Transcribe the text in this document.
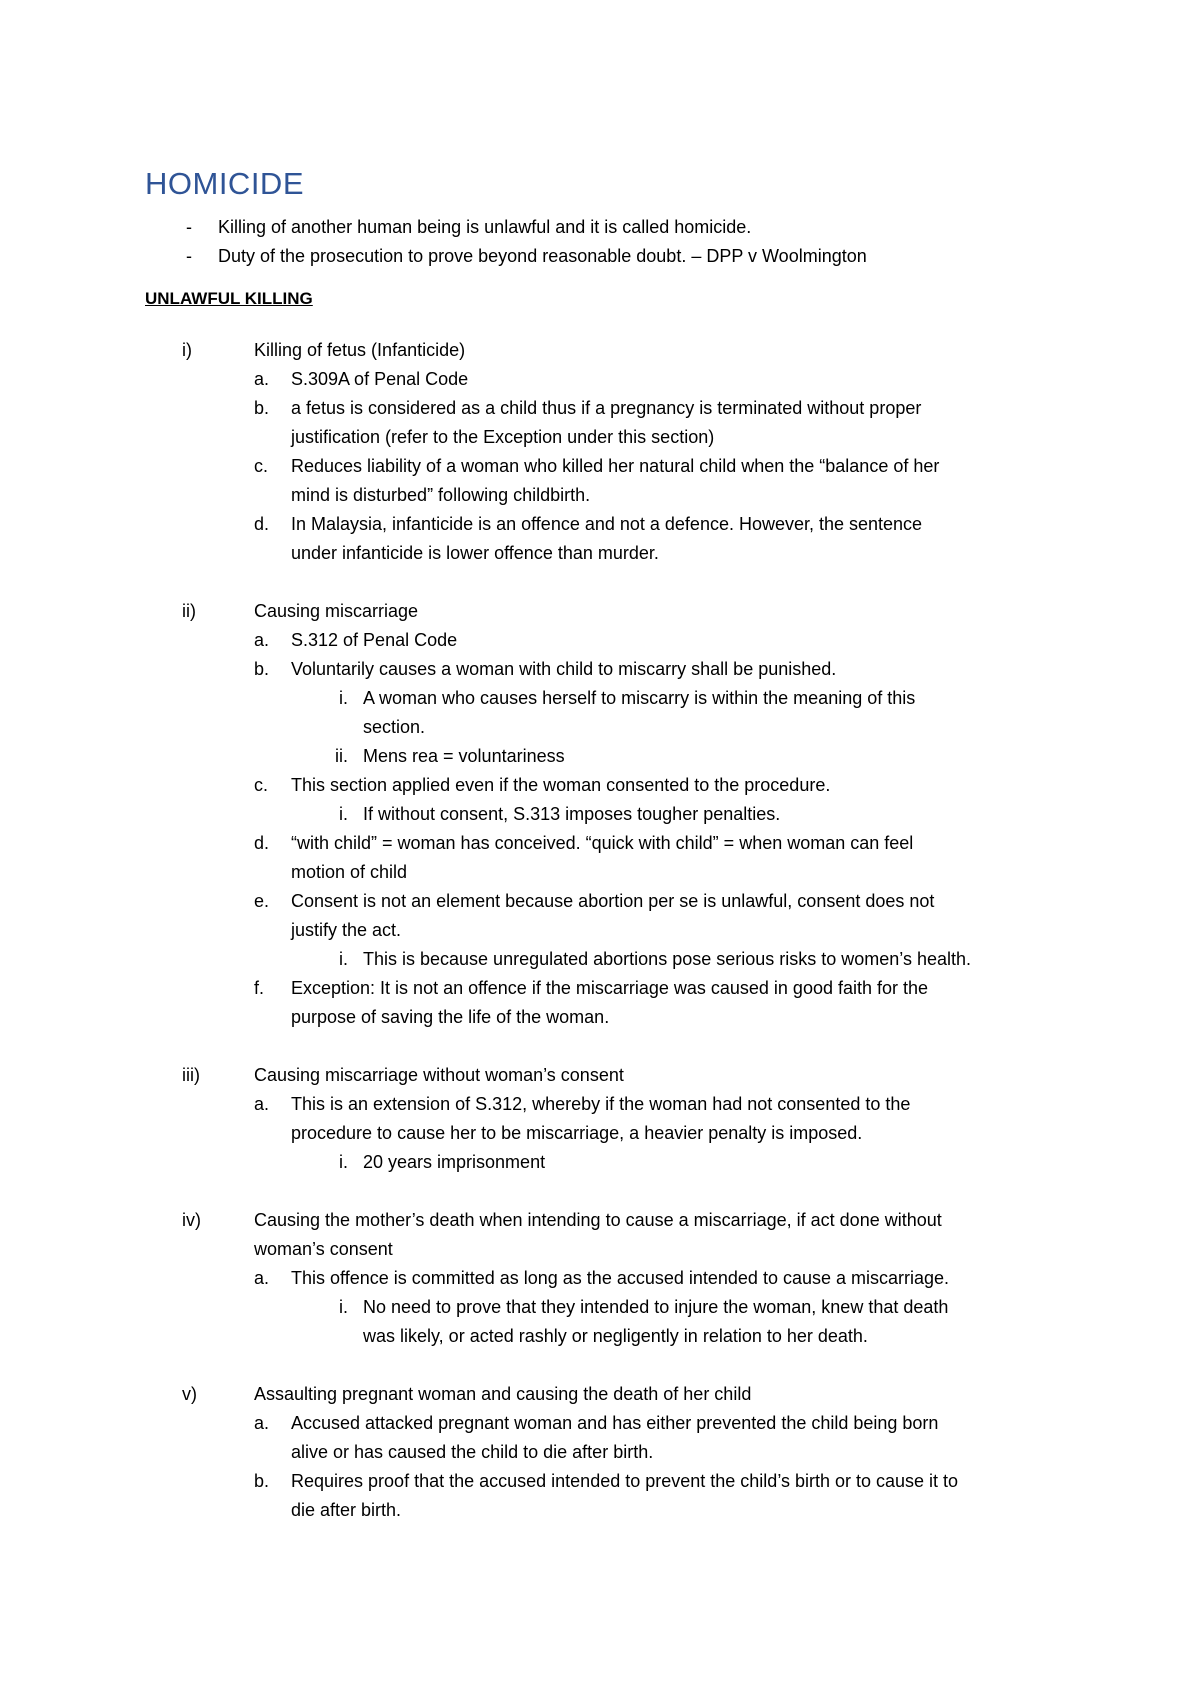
HOMICIDE
- Killing of another human being is unlawful and it is called homicide.
- Duty of the prosecution to prove beyond reasonable doubt. – DPP v Woolmington
UNLAWFUL KILLING
i)	Killing of fetus (Infanticide)
a. S.309A of Penal Code
b. a fetus is considered as a child thus if a pregnancy is terminated without proper
justification (refer to the Exception under this section)
c. Reduces liability of a woman who killed her natural child when the “balance of her
mind is disturbed” following childbirth.
d. In Malaysia, infanticide is an offence and not a defence. However, the sentence
under infanticide is lower offence than murder.
ii)	Causing miscarriage
a. S.312 of Penal Code
b. Voluntarily causes a woman with child to miscarry shall be punished.
i. A woman who causes herself to miscarry is within the meaning of this
section.
ii. Mens rea = voluntariness
c. This section applied even if the woman consented to the procedure.
i. If without consent, S.313 imposes tougher penalties.
d. “with child” = woman has conceived. “quick with child” = when woman can feel
motion of child
e. Consent is not an element because abortion per se is unlawful, consent does not
justify the act.
i. This is because unregulated abortions pose serious risks to women’s health.
f.	Exception: It is not an offence if the miscarriage was caused in good faith for the
purpose of saving the life of the woman.
iii)	Causing miscarriage without woman’s consent
a. This is an extension of S.312, whereby if the woman had not consented to the
procedure to cause her to be miscarriage, a heavier penalty is imposed.
i. 20 years imprisonment
iv)	Causing the mother’s death when intending to cause a miscarriage, if act done without
woman’s consent
a. This offence is committed as long as the accused intended to cause a miscarriage.
i. No need to prove that they intended to injure the woman, knew that death
was likely, or acted rashly or negligently in relation to her death.
v)	Assaulting pregnant woman and causing the death of her child
a. Accused attacked pregnant woman and has either prevented the child being born
alive or has caused the child to die after birth.
b. Requires proof that the accused intended to prevent the child’s birth or to cause it to
die after birth.
